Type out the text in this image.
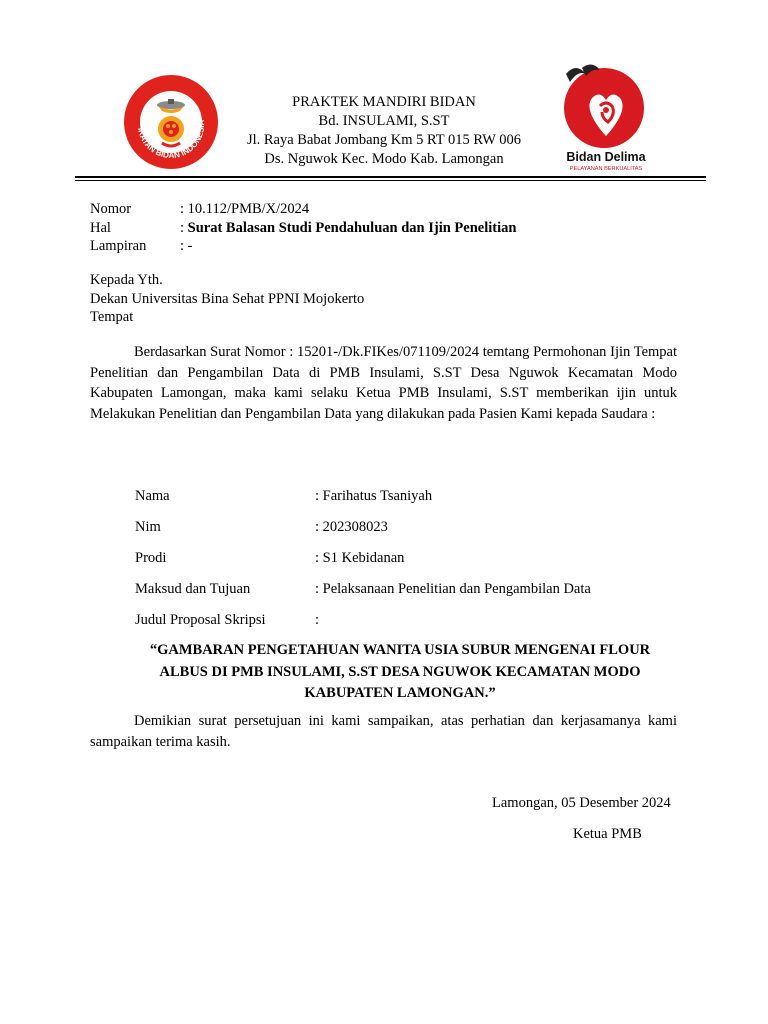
IKATAN BIDAN INDONESIA
PRAKTEK MANDIRI BIDAN
Bd. INSULAMI, S.ST
Jl. Raya Babat Jombang Km 5 RT 015 RW 006
Ds. Nguwok Kec. Modo Kab. Lamongan	Bidan Delima
PELAYANAN BERKUALITAS
Nomor	: 10.112/PMB/X/2024
Hal	: Surat Balasan Studi Pendahuluan dan Ijin Penelitian
Lampiran	: -
Kepada Yth.
Dekan Universitas Bina Sehat PPNI Mojokerto
Tempat
Berdasarkan Surat Nomor : 15201-/Dk.FIKes/071109/2024 temtang Permohonan Ijin Tempat Penelitian dan Pengambilan Data di PMB Insulami, S.ST Desa Nguwok Kecamatan Modo Kabupaten Lamongan, maka kami selaku Ketua PMB Insulami, S.ST memberikan ijin untuk Melakukan Penelitian dan Pengambilan Data yang dilakukan pada Pasien Kami kepada Saudara :
Nama	: Farihatus Tsaniyah
Nim	: 202308023
Prodi	: S1 Kebidanan
Maksud dan Tujuan	: Pelaksanaan Penelitian dan Pengambilan Data
Judul Proposal Skripsi	:
“GAMBARAN PENGETAHUAN WANITA USIA SUBUR MENGENAI FLOUR
ALBUS DI PMB INSULAMI, S.ST DESA NGUWOK KECAMATAN MODO
KABUPATEN LAMONGAN.”
Demikian surat persetujuan ini kami sampaikan, atas perhatian dan kerjasamanya kami sampaikan terima kasih.
Lamongan, 05 Desember 2024
Ketua PMB
